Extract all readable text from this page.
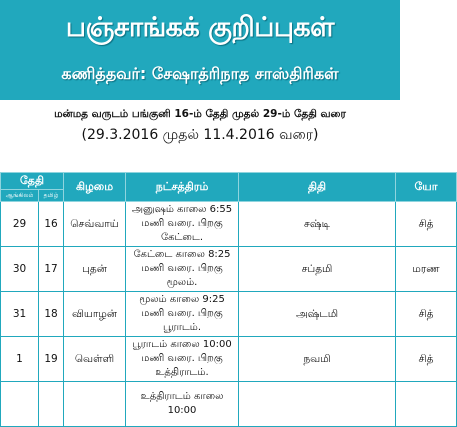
பஞ்சாங்கக் குறிப்புகள்
கணித்தவர்: சேஷாத்ரிநாத சாஸ்திரிகள்
மன்மத வருடம் பங்குனி 16-ம் தேதி முதல் 29-ம் தேதி வரை
(29.3.2016 முதல் 11.4.2016 வரை)
தேதி		கிழமை	நட்சத்திரம்	திதி	யோ
ஆங்கிலம்	தமிழ்				
29	16	செவ்வாய்	அனுஷம் காலை 6:55 மணி வரை. பிறகு கேட்டை.	சஷ்டி	சித்
30	17	புதன்	கேட்டை காலை 8:25 மணி வரை. பிறகு மூலம்.	சப்தமி	மரண
31	18	வியாழன்	மூலம் காலை 9:25 மணி வரை. பிறகு பூராடம்.	அஷ்டமி	சித்
1	19	வெள்ளி	பூராடம் காலை 10:00 மணி வரை. பிறகு உத்திராடம்.	நவமி	சித்
			உத்திராடம் காலை 10:00		
